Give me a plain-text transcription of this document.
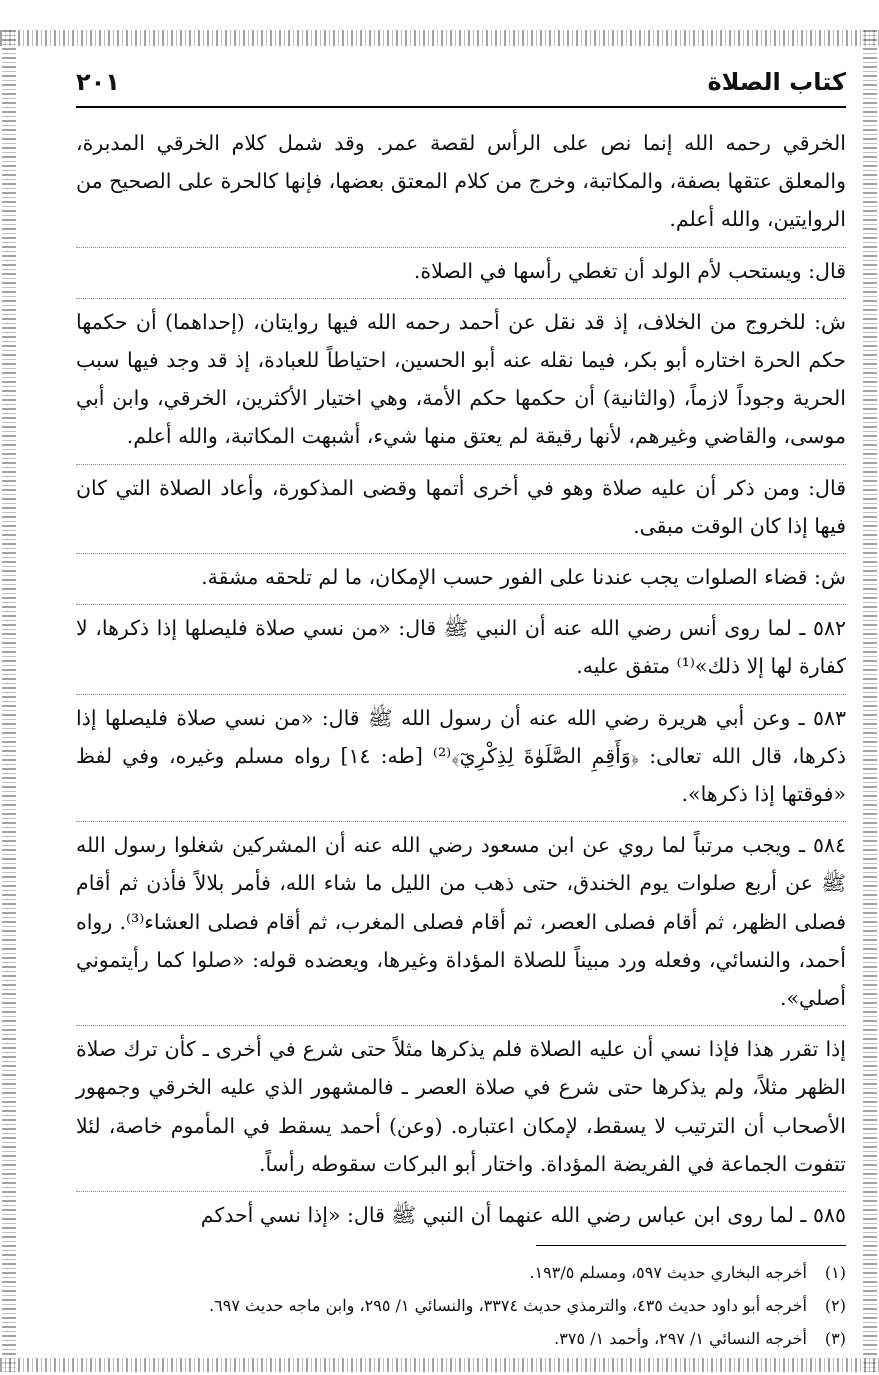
كتاب الصلاة
٢٠١

الخرقي رحمه الله إنما نص على الرأس لقصة عمر. وقد شمل كلام الخرقي المدبرة، والمعلق عتقها بصفة، والمكاتبة، وخرج من كلام المعتق بعضها، فإنها كالحرة على الصحيح من الروايتين، والله أعلم.

قال: ويستحب لأم الولد أن تغطي رأسها في الصلاة.

ش: للخروج من الخلاف، إذ قد نقل عن أحمد رحمه الله فيها روايتان، (إحداهما) أن حكمها حكم الحرة اختاره أبو بكر، فيما نقله عنه أبو الحسين، احتياطاً للعبادة، إذ قد وجد فيها سبب الحرية وجوداً لازماً، (والثانية) أن حكمها حكم الأمة، وهي اختيار الأكثرين، الخرقي، وابن أبي موسى، والقاضي وغيرهم، لأنها رقيقة لم يعتق منها شيء، أشبهت المكاتبة، والله أعلم.

قال: ومن ذكر أن عليه صلاة وهو في أخرى أتمها وقضى المذكورة، وأعاد الصلاة التي كان فيها إذا كان الوقت مبقى.

ش: قضاء الصلوات يجب عندنا على الفور حسب الإمكان، ما لم تلحقه مشقة.

٥٨٢ ـ لما روى أنس رضي الله عنه أن النبي ﷺ قال: «من نسي صلاة فليصلها إذا ذكرها، لا كفارة لها إلا ذلك»⁽¹⁾ متفق عليه.

٥٨٣ ـ وعن أبي هريرة رضي الله عنه أن رسول الله ﷺ قال: «من نسي صلاة فليصلها إذا ذكرها، قال الله تعالى: ﴿وَأَقِمِ الصَّلَوٰةَ لِذِكْرِيٓ﴾⁽²⁾ [طه: ١٤] رواه مسلم وغيره، وفي لفظ «فوقتها إذا ذكرها».

٥٨٤ ـ ويجب مرتباً لما روي عن ابن مسعود رضي الله عنه أن المشركين شغلوا رسول الله ﷺ عن أربع صلوات يوم الخندق، حتى ذهب من الليل ما شاء الله، فأمر بلالاً فأذن ثم أقام فصلى الظهر، ثم أقام فصلى العصر، ثم أقام فصلى المغرب، ثم أقام فصلى العشاء⁽³⁾. رواه أحمد، والنسائي، وفعله ورد مبيناً للصلاة المؤداة وغيرها، ويعضده قوله: «صلوا كما رأيتموني أصلي».

إذا تقرر هذا فإذا نسي أن عليه الصلاة فلم يذكرها مثلاً حتى شرع في أخرى ـ كأن ترك صلاة الظهر مثلاً، ولم يذكرها حتى شرع في صلاة العصر ـ فالمشهور الذي عليه الخرقي وجمهور الأصحاب أن الترتيب لا يسقط، لإمكان اعتباره. (وعن) أحمد يسقط في المأموم خاصة، لئلا تتفوت الجماعة في الفريضة المؤداة. واختار أبو البركات سقوطه رأساً.

٥٨٥ ـ لما روى ابن عباس رضي الله عنهما أن النبي ﷺ قال: «إذا نسي أحدكم

(١) أخرجه البخاري حديث ٥٩٧، ومسلم ١٩٣/٥.
(٢) أخرجه أبو داود حديث ٤٣٥، والترمذي حديث ٣٣٧٤، والنسائي ١/ ٢٩٥، وابن ماجه حديث ٦٩٧.
(٣) أخرجه النسائي ١/ ٢٩٧، وأحمد ١/ ٣٧٥.
